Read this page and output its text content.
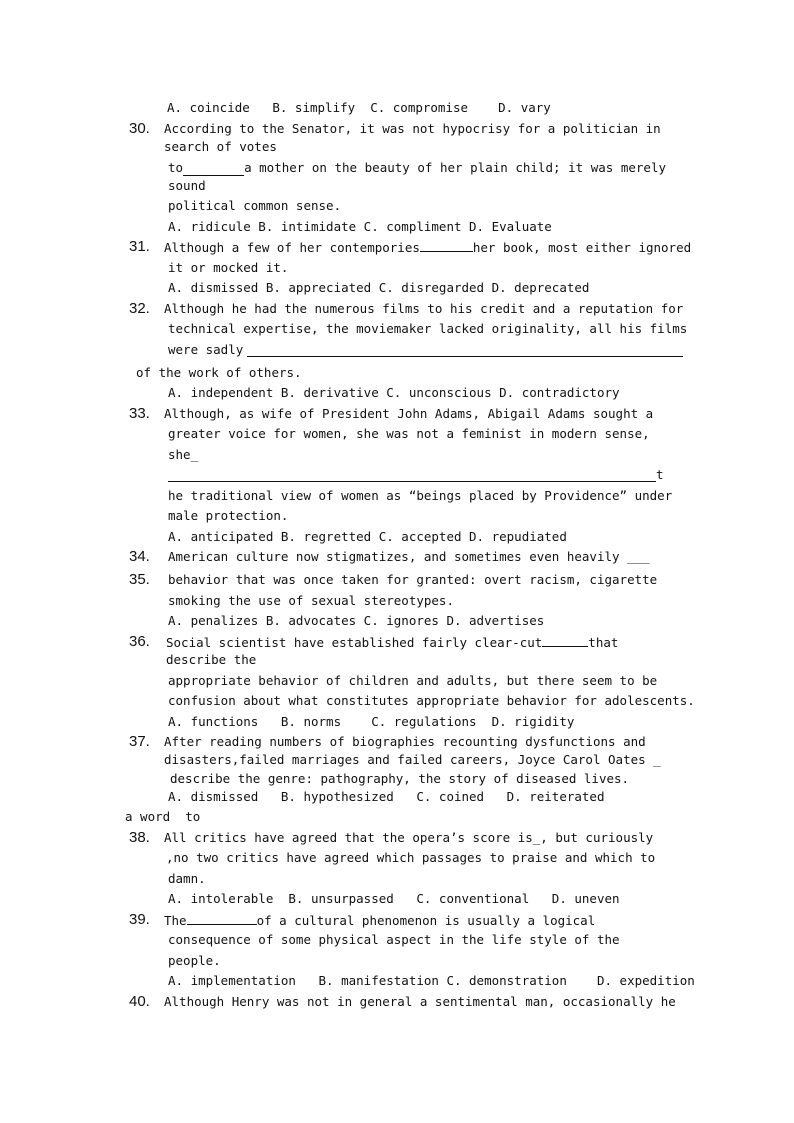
A. coincide   B. simplify  C. compromise    D. vary
30. According to the Senator, it was not hypocrisy for a politician in
search of votes
to	a mother on the beauty of her plain child; it was merely
sound
political common sense.
A. ridicule B. intimidate C. compliment D. Evaluate
31. Although a few of her contempories	her book, most either ignored
it or mocked it.
A. dismissed B. appreciated C. disregarded D. deprecated
32. Although he had the numerous films to his credit and a reputation for
technical expertise, the moviemaker lacked originality, all his films
were sadly
of the work of others.
A. independent B. derivative C. unconscious D. contradictory
33. Although, as wife of President John Adams, Abigail Adams sought a
greater voice for women, she was not a feminist in modern sense,
she_
t
he traditional view of women as “beings placed by Providence” under
male protection.
A. anticipated B. regretted C. accepted D. repudiated
34. American culture now stigmatizes, and sometimes even heavily ___
35. behavior that was once taken for granted: overt racism, cigarette
smoking the use of sexual stereotypes.
A. penalizes B. advocates C. ignores D. advertises
36. Social scientist have established fairly clear-cut	that
describe the
appropriate behavior of children and adults, but there seem to be
confusion about what constitutes appropriate behavior for adolescents.
A. functions   B. norms    C. regulations  D. rigidity
37. After reading numbers of biographies recounting dysfunctions and
disasters,failed marriages and failed careers, Joyce Carol Oates _
describe the genre: pathography, the story of diseased lives.
A. dismissed   B. hypothesized   C. coined   D. reiterated
a word  to
38. All critics have agreed that the opera’s score is_, but curiously
,no two critics have agreed which passages to praise and which to
damn.
A. intolerable  B. unsurpassed   C. conventional   D. uneven
39. The	of a cultural phenomenon is usually a logical
consequence of some physical aspect in the life style of the
people.
A. implementation   B. manifestation C. demonstration    D. expedition
40. Although Henry was not in general a sentimental man, occasionally he
